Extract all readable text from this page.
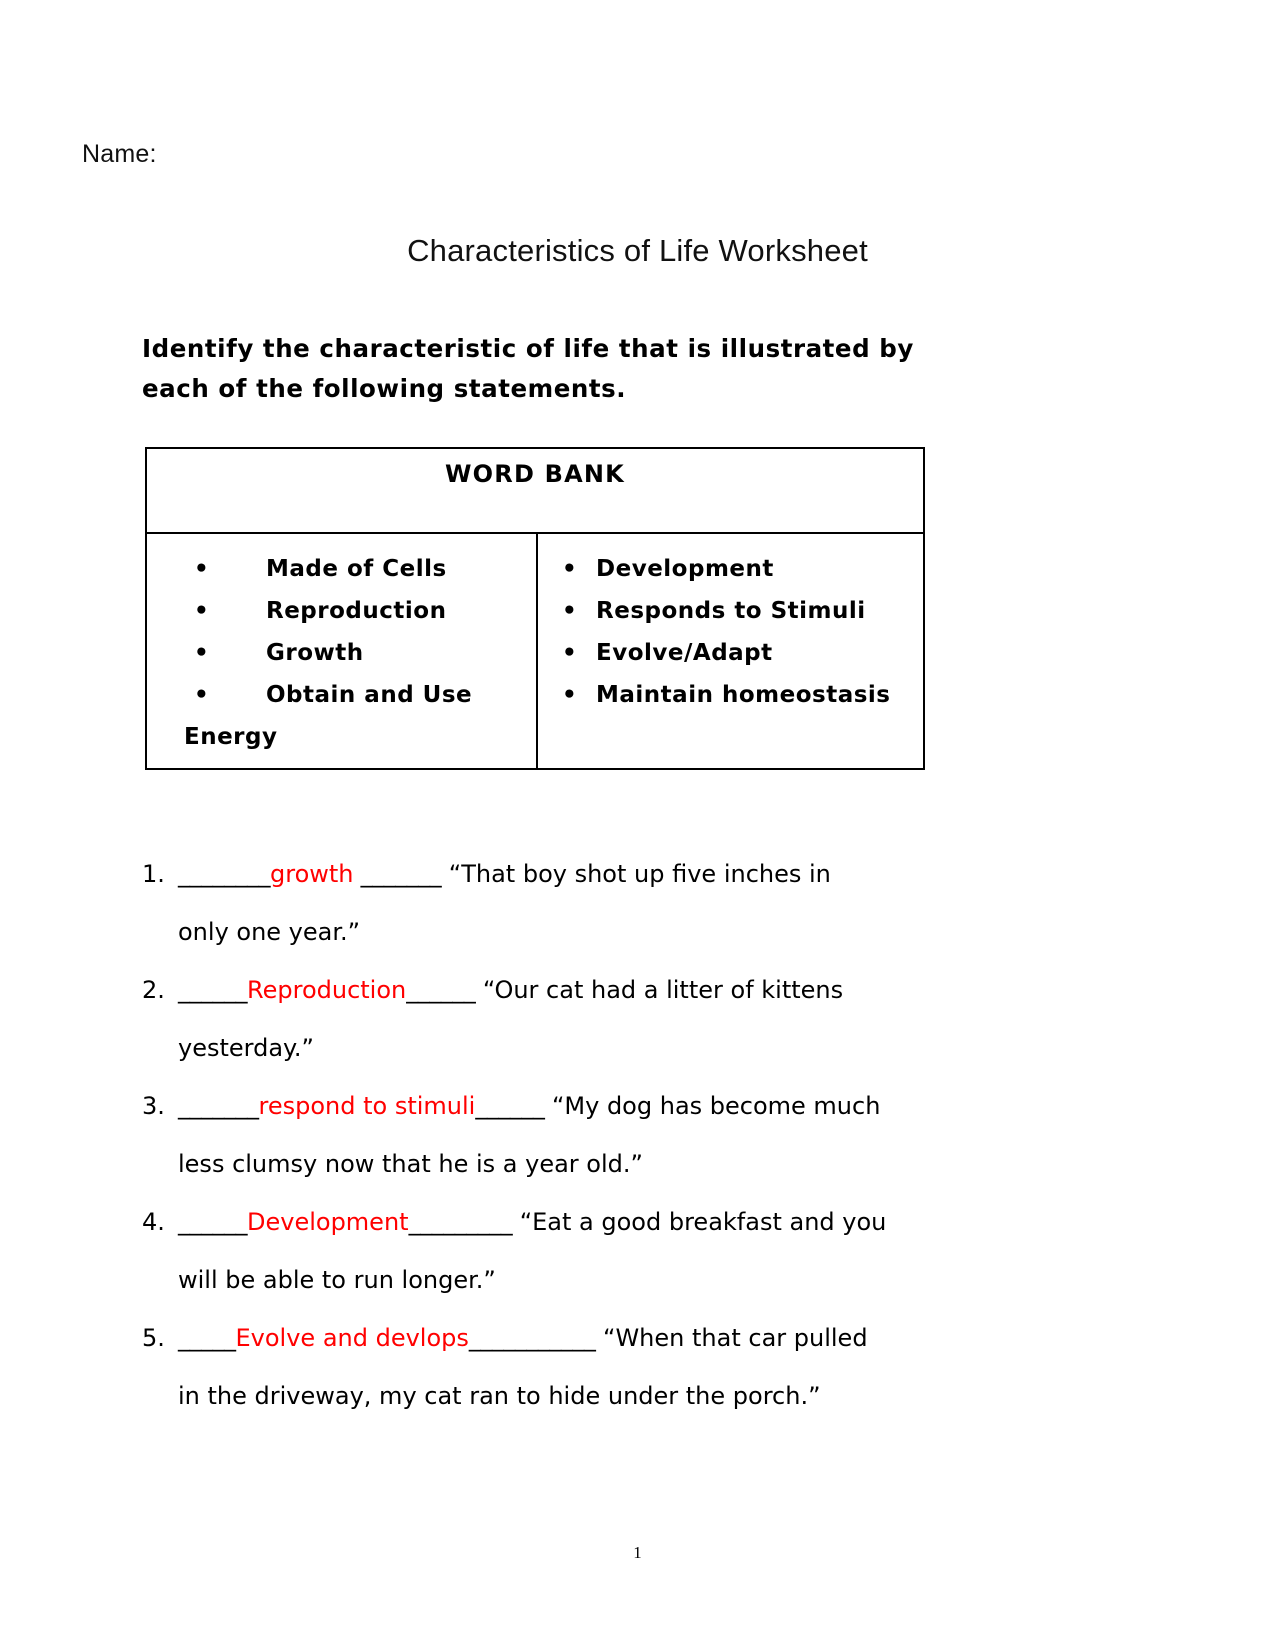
Name:
Characteristics of Life Worksheet
Identify the characteristic of life that is illustrated by each of the following statements.
WORD BANK
•	Made of Cells
•	Reproduction
•	Growth
•	Obtain and Use
Energy
• Development
• Responds to Stimuli
• Evolve/Adapt
• Maintain homeostasis
1. ________growth _______ “That boy shot up five inches in
only one year.”
2. ______Reproduction______ “Our cat had a litter of kittens
yesterday.”
3. _______respond to stimuli______ “My dog has become much
less clumsy now that he is a year old.”
4. ______Development_________ “Eat a good breakfast and you
will be able to run longer.”
5. _____Evolve and devlops___________ “When that car pulled
in the driveway, my cat ran to hide under the porch.”
1
